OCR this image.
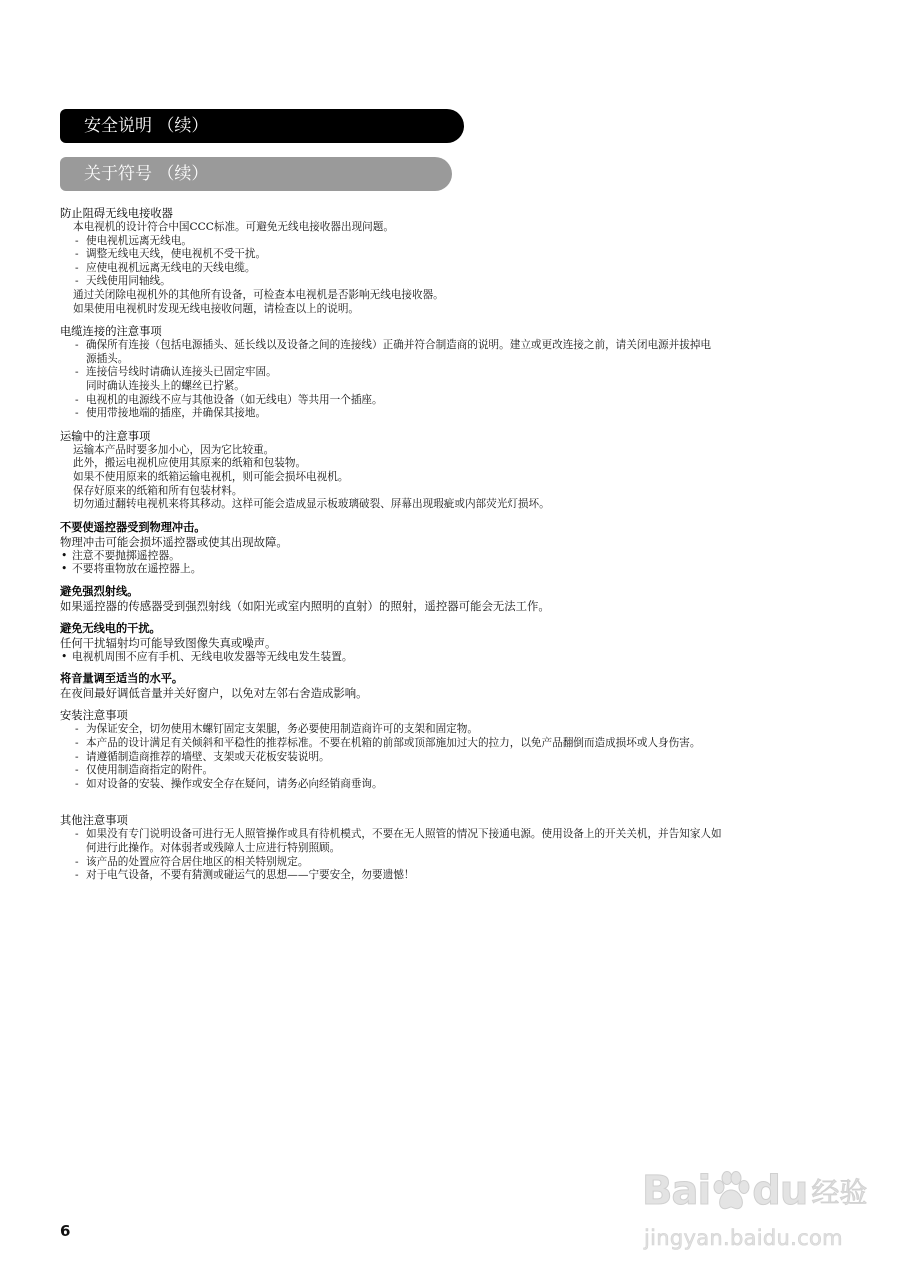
安全说明 （续）
关于符号 （续）
防止阻碍无线电接收器
本电视机的设计符合中国CCC标准。可避免无线电接收器出现问题。
- 使电视机远离无线电。
- 调整无线电天线，使电视机不受干扰。
- 应使电视机远离无线电的天线电缆。
- 天线使用同轴线。
通过关闭除电视机外的其他所有设备，可检查本电视机是否影响无线电接收器。
如果使用电视机时发现无线电接收问题，请检查以上的说明。
电缆连接的注意事项
- 确保所有连接（包括电源插头、延长线以及设备之间的连接线）正确并符合制造商的说明。建立或更改连接之前，请关闭电源并拔掉电
源插头。
- 连接信号线时请确认连接头已固定牢固。
同时确认连接头上的螺丝已拧紧。
- 电视机的电源线不应与其他设备（如无线电）等共用一个插座。
- 使用带接地端的插座，并确保其接地。
运输中的注意事项
运输本产品时要多加小心，因为它比较重。
此外，搬运电视机应使用其原来的纸箱和包装物。
如果不使用原来的纸箱运输电视机，则可能会损坏电视机。
保存好原来的纸箱和所有包装材料。
切勿通过翻转电视机来将其移动。这样可能会造成显示板玻璃破裂、屏幕出现瑕疵或内部荧光灯损坏。
不要使遥控器受到物理冲击。
物理冲击可能会损坏遥控器或使其出现故障。
• 注意不要抛掷遥控器。
• 不要将重物放在遥控器上。
避免强烈射线。
如果遥控器的传感器受到强烈射线（如阳光或室内照明的直射）的照射，遥控器可能会无法工作。
避免无线电的干扰。
任何干扰辐射均可能导致图像失真或噪声。
• 电视机周围不应有手机、无线电收发器等无线电发生装置。
将音量调至适当的水平。
在夜间最好调低音量并关好窗户，以免对左邻右舍造成影响。
安装注意事项
- 为保证安全，切勿使用木螺钉固定支架腿，务必要使用制造商许可的支架和固定物。
- 本产品的设计满足有关倾斜和平稳性的推荐标准。不要在机箱的前部或顶部施加过大的拉力，以免产品翻倒而造成损坏或人身伤害。
- 请遵循制造商推荐的墙壁、支架或天花板安装说明。
- 仅使用制造商指定的附件。
- 如对设备的安装、操作或安全存在疑问，请务必向经销商垂询。
其他注意事项
- 如果没有专门说明设备可进行无人照管操作或具有待机模式，不要在无人照管的情况下接通电源。使用设备上的开关关机，并告知家人如
何进行此操作。对体弱者或残障人士应进行特别照顾。
- 该产品的处置应符合居住地区的相关特别规定。
- 对于电气设备，不要有猜测或碰运气的思想——宁要安全，勿要遗憾！
6
Bai du 经验
jingyan.baidu.com
